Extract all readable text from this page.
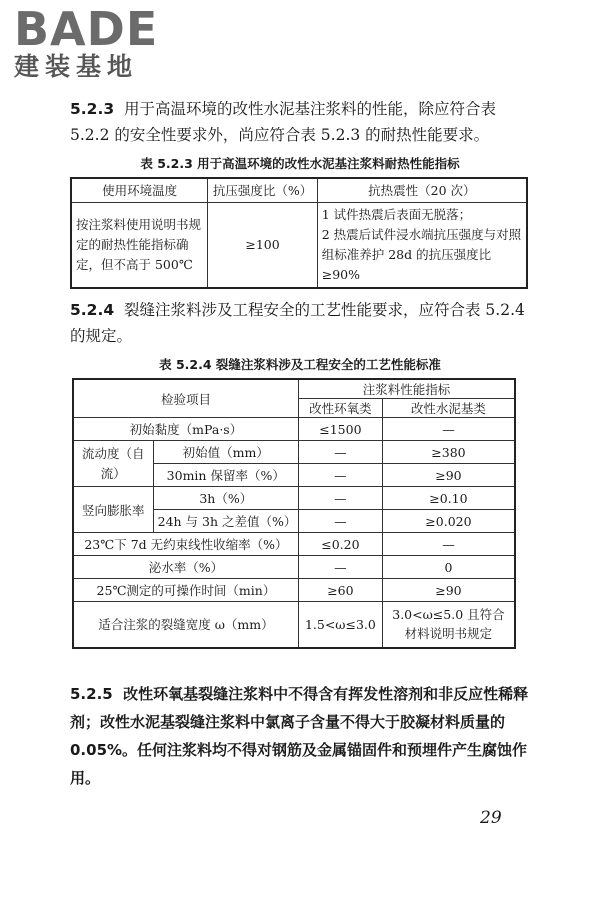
BADE
建装基地
5.2.3 用于高温环境的改性水泥基注浆料的性能，除应符合表 5.2.2 的安全性要求外，尚应符合表 5.2.3 的耐热性能要求。
表 5.2.3 用于高温环境的改性水泥基注浆料耐热性能指标
使用环境温度	抗压强度比（%）	抗热震性（20 次）
按注浆料使用说明书规定的耐热性能指标确定，但不高于 500℃	≥100	1 试件热震后表面无脱落；
2 热震后试件浸水端抗压强度与对照组标准养护 28d 的抗压强度比≥90%
5.2.4 裂缝注浆料涉及工程安全的工艺性能要求，应符合表 5.2.4 的规定。
表 5.2.4 裂缝注浆料涉及工程安全的工艺性能标准
检验项目		注浆料性能指标	
		改性环氧类	改性水泥基类
初始黏度（mPa·s）		≤1500	—
流动度（自流）	初始值（mm）	—	≥380
	30min 保留率（%）	—	≥90
竖向膨胀率	3h（%）	—	≥0.10
	24h 与 3h 之差值（%）	—	≥0.020
23℃下 7d 无约束线性收缩率（%）		≤0.20	—
泌水率（%）		—	0
25℃测定的可操作时间（min）		≥60	≥90
适合注浆的裂缝宽度 ω（mm）		1.5<ω≤3.0	3.0<ω≤5.0 且符合材料说明书规定
5.2.5 改性环氧基裂缝注浆料中不得含有挥发性溶剂和非反应性稀释剂；改性水泥基裂缝注浆料中氯离子含量不得大于胶凝材料质量的 0.05%。任何注浆料均不得对钢筋及金属锚固件和预埋件产生腐蚀作用。
29
